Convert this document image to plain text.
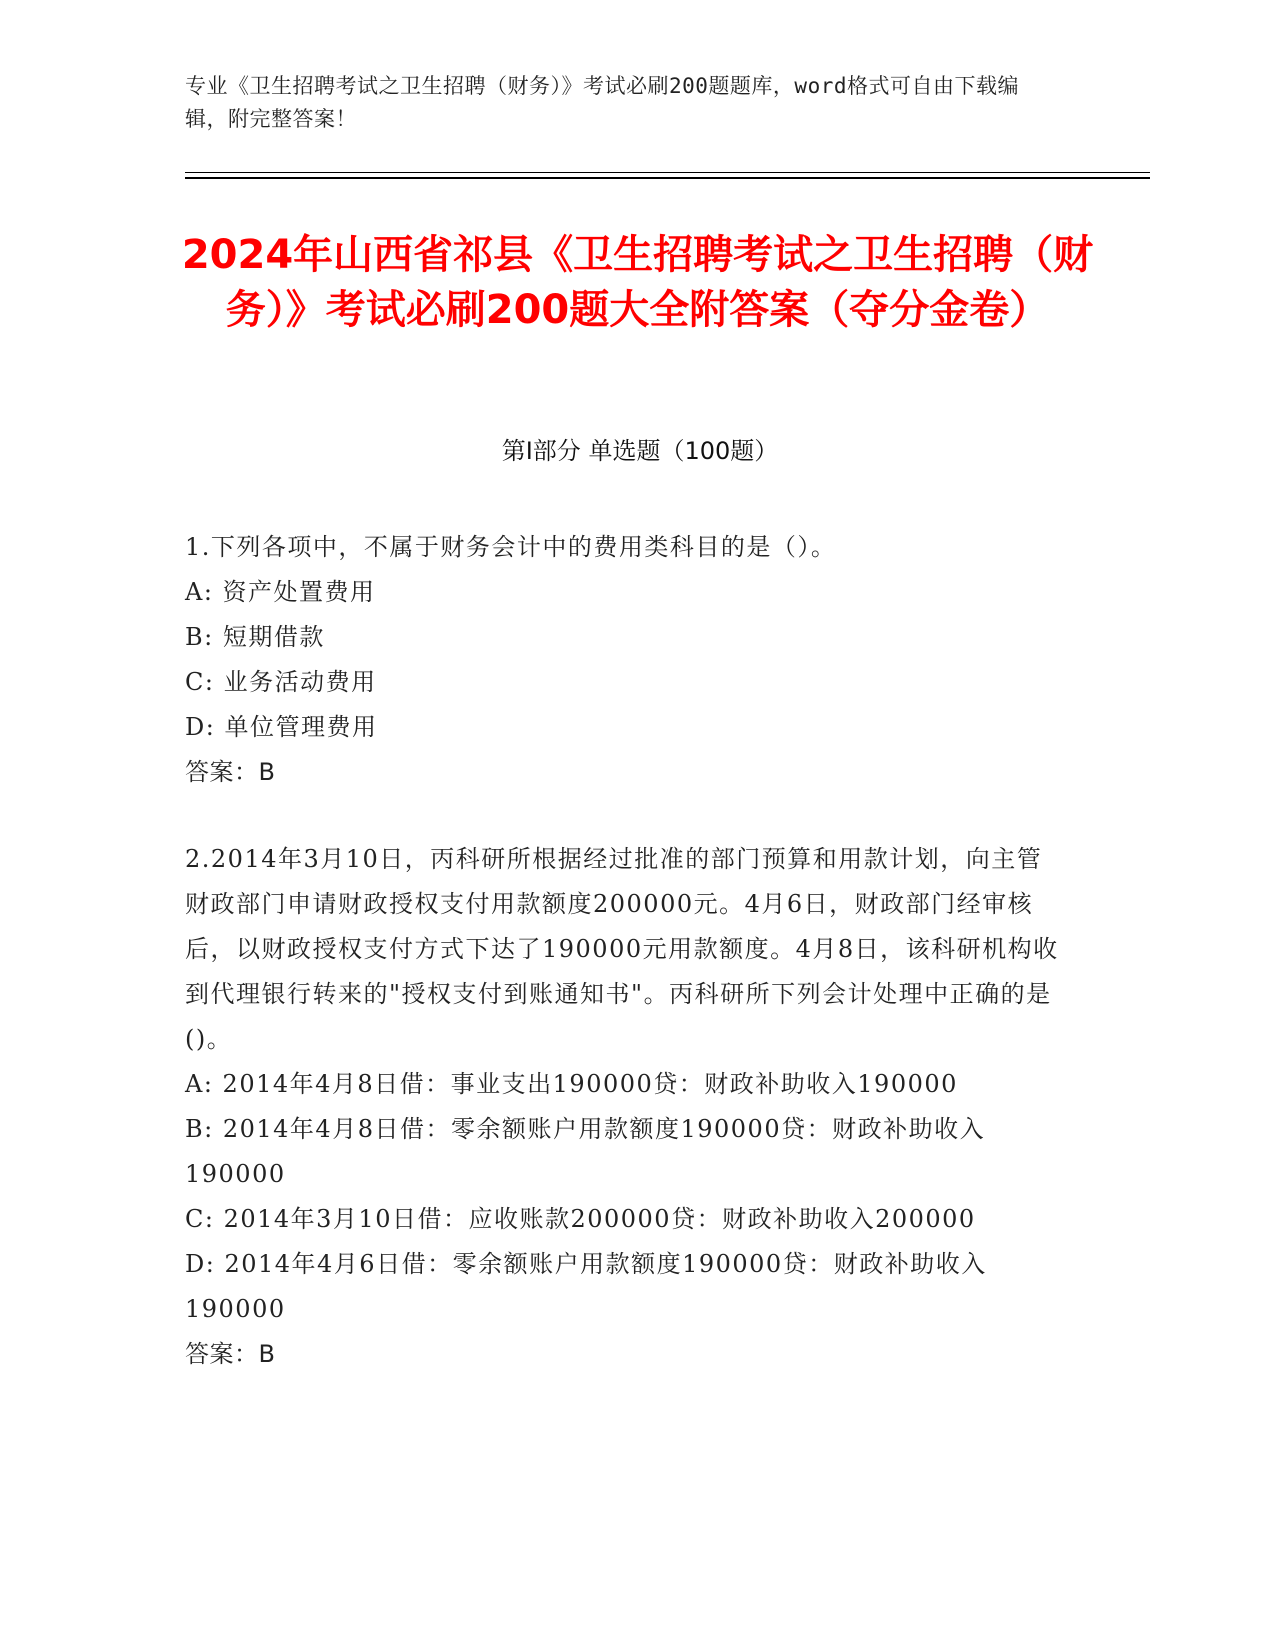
专业《卫生招聘考试之卫生招聘（财务）》考试必刷200题题库，word格式可自由下载编辑，附完整答案！
2024年山西省祁县《卫生招聘考试之卫生招聘（财务）》考试必刷200题大全附答案（夺分金卷）
第Ⅰ部分 单选题（100题）

1.下列各项中，不属于财务会计中的费用类科目的是（）。

A: 资产处置费用

B: 短期借款

C: 业务活动费用

D: 单位管理费用

答案：B

2.2014年3月10日，丙科研所根据经过批准的部门预算和用款计划，向主管财政部门申请财政授权支付用款额度200000元。4月6日，财政部门经审核后，以财政授权支付方式下达了190000元用款额度。4月8日，该科研机构收到代理银行转来的"授权支付到账通知书"。丙科研所下列会计处理中正确的是()。

A: 2014年4月8日借：事业支出190000贷：财政补助收入190000

B: 2014年4月8日借：零余额账户用款额度190000贷：财政补助收入190000

C: 2014年3月10日借：应收账款200000贷：财政补助收入200000

D: 2014年4月6日借：零余额账户用款额度190000贷：财政补助收入190000

答案：B
